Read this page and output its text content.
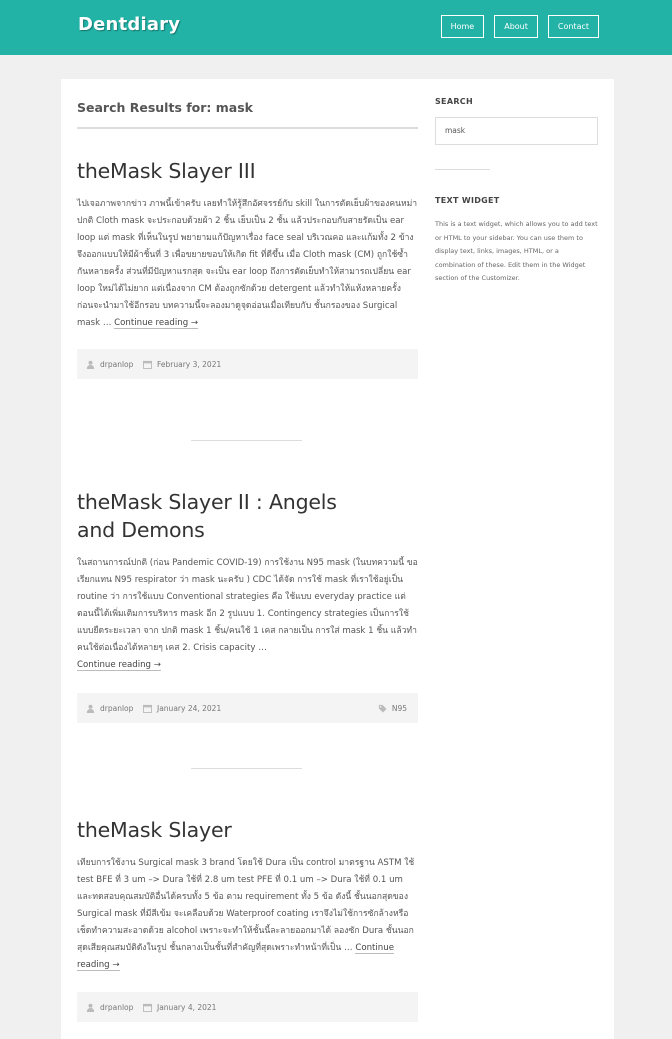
Dentdiary	Home	About	Contact
Search Results for: mask
theMask Slayer III

ไปเจอภาพจากข่าว ภาพนี้เข้าครับ เลยทำให้รู้สึกอัศจรรย์กับ skill ในการตัดเย็บผ้าของคนหม่า ปกติ Cloth mask จะประกอบด้วยผ้า 2 ชิ้น เย็บเป็น 2 ชั้น แล้วประกอบกับสายรัดเป็น ear loop แต่ mask ที่เห็นในรูป พยายามแก้ปัญหาเรื่อง face seal บริเวณคอ และแก้มทั้ง 2 ข้าง จึงออกแบบให้มีผ้าชิ้นที่ 3 เพื่อขยายขอบให้เกิด fit ที่ดีขึ้น เมื่อ Cloth mask (CM) ถูกใช้ซ้ำกันหลายครั้ง ส่วนที่มีปัญหาแรกสุด จะเป็น ear loop ถึงการตัดเย็บทำให้สามารถเปลี่ยน ear loop ใหม่ได้ไม่ยาก แต่เนื่องจาก CM ต้องถูกซักด้วย detergent แล้วทำให้แห้งหลายครั้ง ก่อนจะนำมาใช้อีกรอบ บทความนี้จะลองมาดูจุดอ่อนเมื่อเทียบกับ ชั้นกรองของ Surgical mask … Continue reading →

drpanlop	February 3, 2021
theMask Slayer II : Angels
and Demons

ในสถานการณ์ปกติ (ก่อน Pandemic COVID-19) การใช้งาน N95 mask (ในบทความนี้ ขอเรียกแทน N95 respirator ว่า mask นะครับ ) CDC ได้จัด การใช้ mask ที่เราใช้อยู่เป็น routine ว่า การใช้แบบ Conventional strategies คือ ใช้แบบ everyday practice แต่ตอนนี้ได้เพิ่มเติมการบริหาร mask อีก 2 รูปแบบ 1. Contingency strategies เป็นการใช้แบบยืดระยะเวลา จาก ปกติ mask 1 ชิ้น/คนใช้ 1 เคส กลายเป็น การใส่ mask 1 ชิ้น แล้วทำคนใช้ต่อเนื่องได้หลายๆ เคส 2. Crisis capacity …
Continue reading →

drpanlop	January 24, 2021	N95
theMask Slayer

เทียบการใช้งาน Surgical mask 3 brand โดยใช้ Dura เป็น control มาตรฐาน ASTM ใช้ test BFE ที่ 3 um –> Dura ใช้ที่ 2.8 um test PFE ที่ 0.1 um –> Dura ใช้ที่ 0.1 um และทดสอบคุณสมบัติอื่นได้ครบทั้ง 5 ข้อ ตาม requirement ทั้ง 5 ข้อ ดังนี้ ชั้นนอกสุดของ Surgical mask ที่มีสีเข้ม จะเคลือบด้วย Waterproof coating เราจึงไม่ใช้การซักล้างหรือเช็ดทำความสะอาดด้วย alcohol เพราะจะทำให้ชั้นนี้ละลายออกมาได้ ลองซัก Dura ชั้นนอกสุดเสียคุณสมบัติดังในรูป ชั้นกลางเป็นชั้นที่สำคัญที่สุดเพราะทำหน้าที่เป็น … Continue reading →

drpanlop	January 4, 2021
SEARCH
mask
TEXT WIDGET

This is a text widget, which allows you to add text or HTML to your sidebar. You can use them to display text, links, images, HTML, or a combination of these. Edit them in the Widget section of the Customizer.
